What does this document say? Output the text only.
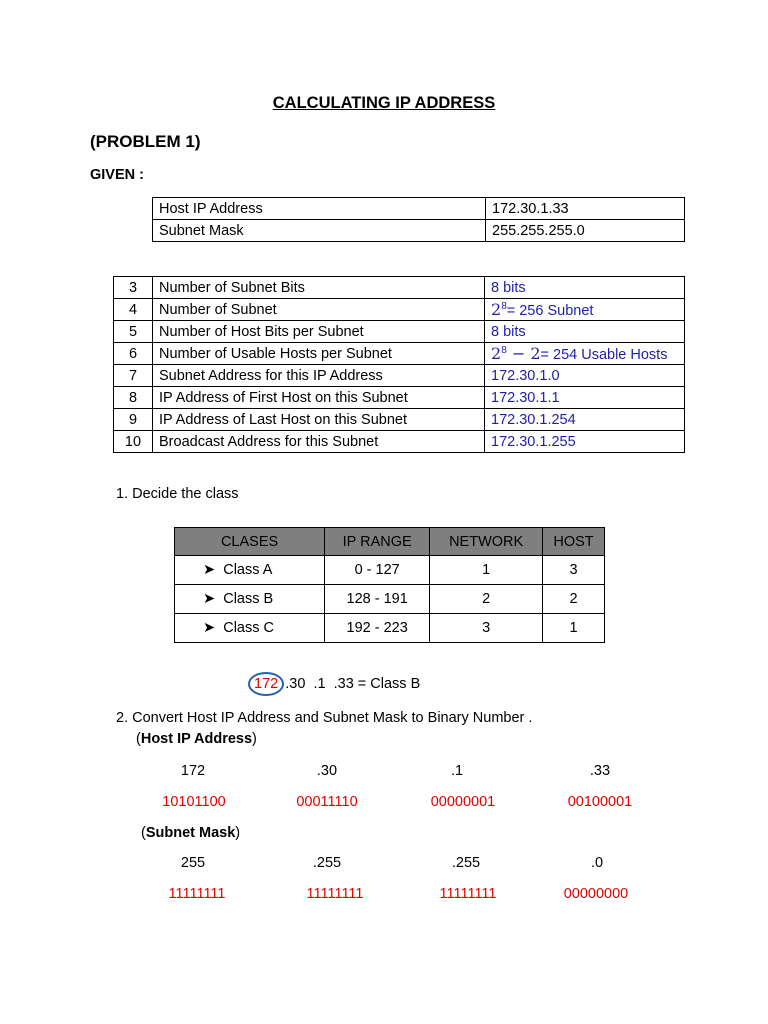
CALCULATING IP ADDRESS
(PROBLEM 1)
GIVEN :
Host IP Address	172.30.1.33
Subnet Mask	255.255.255.0
3	Number of Subnet Bits	8 bits
4	Number of Subnet	$2^8= 256$ Subnet
5	Number of Host Bits per Subnet	8 bits
6	Number of Usable Hosts per Subnet	$2^8 - 2= 254$ Usable Hosts
7	Subnet Address for this IP Address	172.30.1.0
8	IP Address of First Host on this Subnet	172.30.1.1
9	IP Address of Last Host on this Subnet	172.30.1.254
10	Broadcast Address for this Subnet	172.30.1.255
1. Decide the class
CLASES	IP RANGE	NETWORK	HOST
➤  Class A	0 - 127	1	3
➤  Class B	128 - 191	2	2
➤  Class C	192 - 223	3	1
172 .30  .1  .33 = Class B
2. Convert Host IP Address and Subnet Mask to Binary Number .
(Host IP Address)
172	.30	.1	.33
10101100	00011110	00000001	00100001
(Subnet Mask)
255	.255	.255	.0
11111111	11111111	11111111	00000000
